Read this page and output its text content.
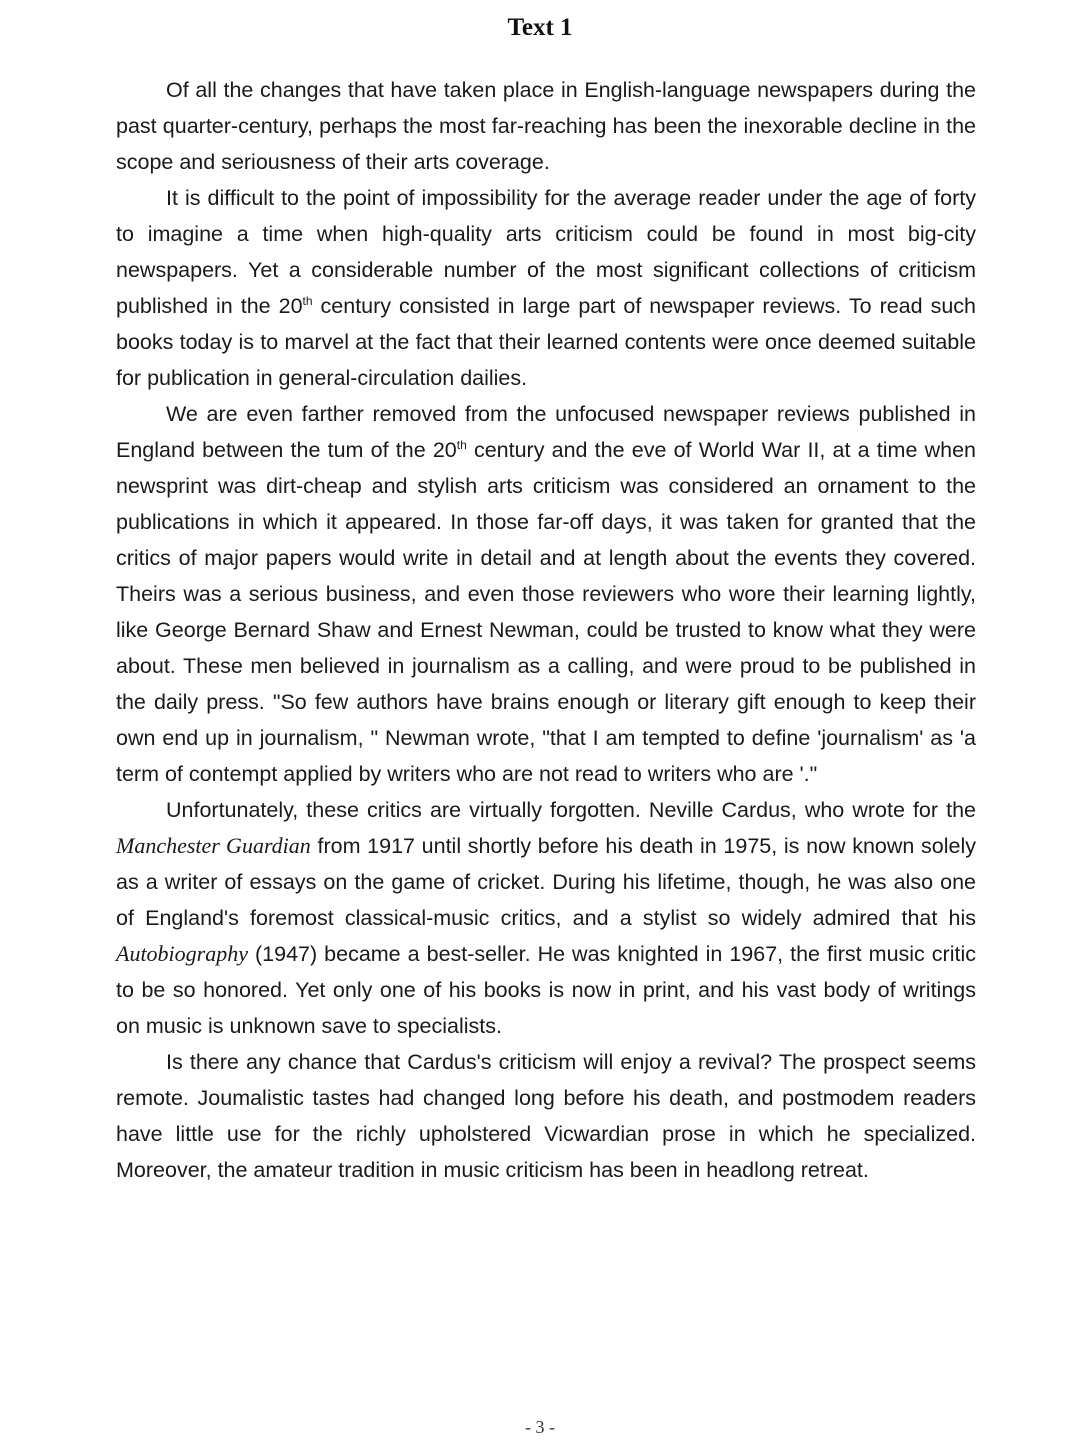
Text 1

Of all the changes that have taken place in English-language newspapers during the past quarter-century, perhaps the most far-reaching has been the inexorable decline in the scope and seriousness of their arts coverage.

It is difficult to the point of impossibility for the average reader under the age of forty to imagine a time when high-quality arts criticism could be found in most big-city newspapers. Yet a considerable number of the most significant collections of criticism published in the 20th century consisted in large part of newspaper reviews. To read such books today is to marvel at the fact that their learned contents were once deemed suitable for publication in general-circulation dailies.

We are even farther removed from the unfocused newspaper reviews published in England between the tum of the 20th century and the eve of World War II, at a time when newsprint was dirt-cheap and stylish arts criticism was considered an ornament to the publications in which it appeared. In those far-off days, it was taken for granted that the critics of major papers would write in detail and at length about the events they covered. Theirs was a serious business, and even those reviewers who wore their learning lightly, like George Bernard Shaw and Ernest Newman, could be trusted to know what they were about. These men believed in journalism as a calling, and were proud to be published in the daily press. "So few authors have brains enough or literary gift enough to keep their own end up in journalism, " Newman wrote, "that I am tempted to define 'journalism' as 'a term of contempt applied by writers who are not read to writers who are '."

Unfortunately, these critics are virtually forgotten. Neville Cardus, who wrote for the Manchester Guardian from 1917 until shortly before his death in 1975, is now known solely as a writer of essays on the game of cricket. During his lifetime, though, he was also one of England's foremost classical-music critics, and a stylist so widely admired that his Autobiography (1947) became a best-seller. He was knighted in 1967, the first music critic to be so honored. Yet only one of his books is now in print, and his vast body of writings on music is unknown save to specialists.

Is there any chance that Cardus's criticism will enjoy a revival? The prospect seems remote. Joumalistic tastes had changed long before his death, and postmodem readers have little use for the richly upholstered Vicwardian prose in which he specialized. Moreover, the amateur tradition in music criticism has been in headlong retreat.

- 3 -
